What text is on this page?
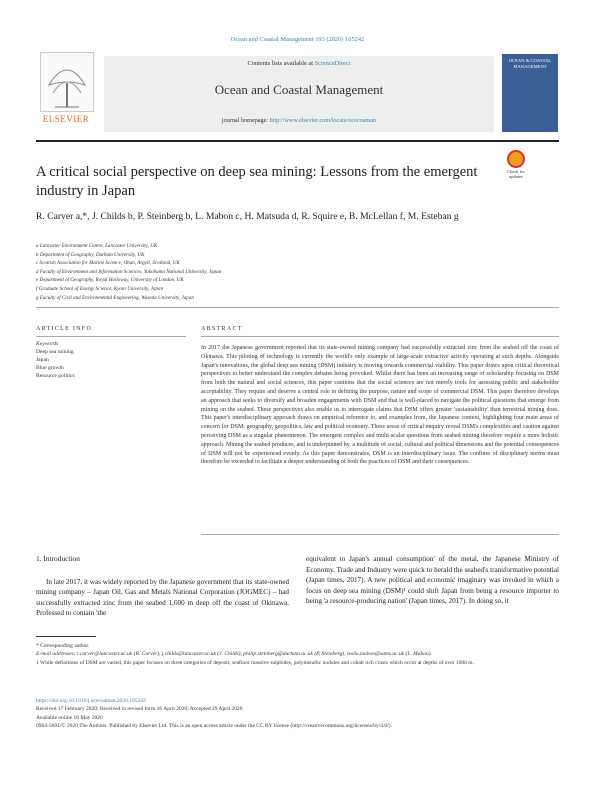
Ocean and Coastal Management 193 (2020) 105242
ELSEVIER
Contents lists available at ScienceDirect
Ocean and Coastal Management
journal homepage: http://www.elsevier.com/locate/ocecoaman
OCEAN & COASTAL MANAGEMENT
A critical social perspective on deep sea mining: Lessons from the emergent industry in Japan
Check for updates
R. Carver a,*, J. Childs b, P. Steinberg b, L. Mabon c, H. Matsuda d, R. Squire e, B. McLellan f, M. Esteban g
a Lancaster Environment Centre, Lancaster University, UK
b Department of Geography, Durham University, UK
c Scottish Association for Marine Science, Oban, Argyll, Scotland, UK
d Faculty of Environment and Information Sciences, Yokohama National University, Japan
e Department of Geography, Royal Holloway, University of London, UK
f Graduate School of Energy Science, Kyoto University, Japan
g Faculty of Civil and Environmental Engineering, Waseda University, Japan
ARTICLE INFO	ABSTRACT
Keywords
Deep sea mining
Japan
Blue growth
Resource politics
In 2017 the Japanese government reported that its state-owned mining company had successfully extracted zinc from the seabed off the coast of Okinawa. This piloting of technology is currently the world's only example of large-scale extractive activity operating at such depths. Alongside Japan's innovations, the global deep sea mining (DSM) industry is moving towards commercial viability. This paper draws upon critical theoretical perspectives to better understand the complex debates being provoked. Whilst there has been an increasing range of scholarship focusing on DSM from both the natural and social sciences, this paper cautions that the social sciences are not merely tools for assessing public and stakeholder acceptability. They require and deserve a central role in defining the purpose, nature and scope of commercial DSM. This paper therefore develops an approach that seeks to diversify and broaden engagements with DSM and that is well-placed to navigate the political questions that emerge from mining on the seabed. These perspectives also enable us to interrogate claims that DSM offers greater 'sustainability' than terrestrial mining does. This paper's interdisciplinary approach draws on empirical reference to, and examples from, the Japanese context, highlighting four main areas of concern for DSM: geography, geopolitics, law and political economy. These areas of critical enquiry reveal DSM's complexities and caution against perceiving DSM as a singular phenomenon. The emergent complex and multi-scalar questions from seabed mining therefore require a more holistic approach. Mining the seabed produces, and is underpinned by, a multitude of social, cultural and political dimensions and the potential consequences of DSM will not be experienced evenly. As this paper demonstrates, DSM is an interdisciplinary issue. The confines of disciplinary norms must therefore be exceeded to facilitate a deeper understanding of both the practices of DSM and their consequences.
1. Introduction
In late 2017, it was widely reported by the Japanese government that its state-owned mining company – Japan Oil, Gas and Metals National Corporation (JOGMEC) – had successfully extracted zinc from the seabed 1,600 m deep off the coast of Okinawa. Professed to contain 'the
equivalent to Japan's annual consumption' of the metal, the Japanese Ministry of Economy, Trade and Industry were quick to herald the seabed's transformative potential (Japan times, 2017). A new political and economic imaginary was invoked in which a focus on deep sea mining (DSM)¹ could shift Japan from being a resource importer to being 'a resource-producing nation' (Japan times, 2017). In doing so, it
* Corresponding author.
E-mail addresses: r.carver@lancaster.ac.uk (R. Carver), j.childs@lancaster.ac.uk (J. Childs), philip.steinberg@durham.ac.uk (P. Steinberg), leslie.mabon@sams.ac.uk (L. Mabon).
1 While definitions of DSM are varied, this paper focuses on three categories of deposit; seafloor massive sulphides, polymetallic nodules and cobalt rich crusts which occur at depths of over 1000 m.
https://doi.org/10.1016/j.ocecoaman.2020.105242
Received 17 February 2020; Received in revised form 16 April 2020; Accepted 29 April 2020
Available online 18 May 2020
0964-5691/© 2020 The Authors. Published by Elsevier Ltd. This is an open access article under the CC BY license (http://creativecommons.org/licenses/by/4.0/).
